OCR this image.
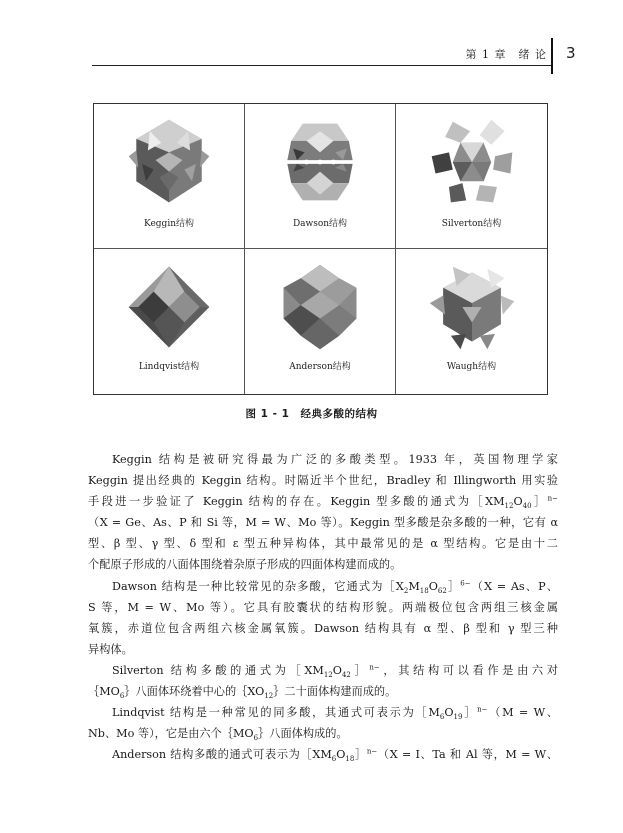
第 1 章　绪 论 3
Keggin结构	Dawson结构	Silverton结构
Lindqvist结构	Anderson结构	Waugh结构
图 1 - 1　经典多酸的结构
Keggin 结构是被研究得最为广泛的多酸类型。1933 年，英国物理学家
Keggin 提出经典的 Keggin 结构。时隔近半个世纪，Bradley 和 Illingworth 用实验
手段进一步验证了 Keggin 结构的存在。Keggin 型多酸的通式为$[XM_{12}O_{40}]^{n-}$
（X = Ge、As、P 和 Si 等，M = W、Mo 等）。Keggin 型多酸是杂多酸的一种，它有 α
型、β 型、γ 型、δ 型和 ε 型五种异构体，其中最常见的是 α 型结构。它是由十二
个配原子形成的八面体围绕着杂原子形成的四面体构建而成的。
Dawson 结构是一种比较常见的杂多酸，它通式为$[X_2M_{18}O_{62}]^{6-}(X = As$、P、
S 等，M = W、Mo 等）。它具有胶囊状的结构形貌。两端极位包含两组三核金属
氧簇，赤道位包含两组六核金属氧簇。Dawson 结构具有 α 型、β 型和 γ 型三种
异构体。
Silverton 结构多酸的通式为$[XM_{12}O_{42}]^{n-}$，其结构可以看作是由六对
$\{MO_6\}$八面体环绕着中心的$\{XO_{12}\}$二十面体构建而成的。
Lindqvist 结构是一种常见的同多酸，其通式可表示为$[M_6O_{19}]^{n-}(M = W$、
Nb、Mo 等），它是由六个$\{MO_6\}$八面体构成的。
Anderson 结构多酸的通式可表示为$[XM_6O_{18}]^{n-}(X = I$、Ta 和 Al 等，M = W、
